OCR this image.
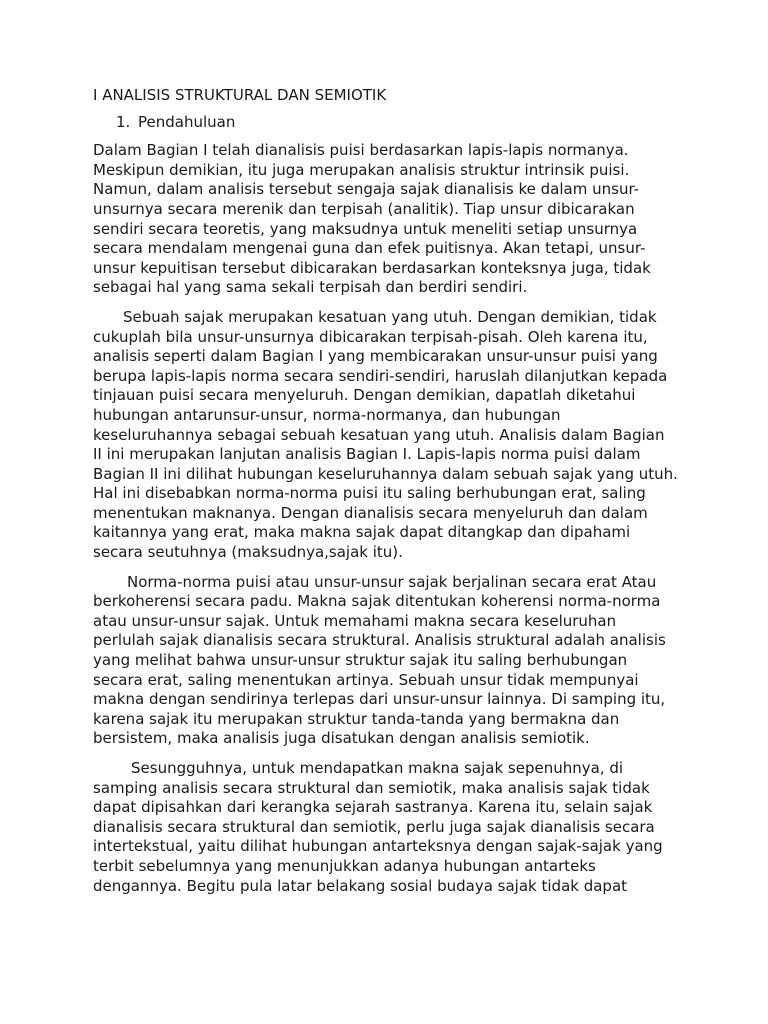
I ANALISIS STRUKTURAL DAN SEMIOTIK
1. Pendahuluan

Dalam Bagian I telah dianalisis puisi berdasarkan lapis-lapis normanya. Meskipun demikian, itu juga merupakan analisis struktur intrinsik puisi. Namun, dalam analisis tersebut sengaja sajak dianalisis ke dalam unsur-unsurnya secara merenik dan terpisah (analitik). Tiap unsur dibicarakan sendiri secara teoretis, yang maksudnya untuk meneliti setiap unsurnya secara mendalam mengenai guna dan efek puitisnya. Akan tetapi, unsur-unsur kepuitisan tersebut dibicarakan berdasarkan konteksnya juga, tidak sebagai hal yang sama sekali terpisah dan berdiri sendiri.

Sebuah sajak merupakan kesatuan yang utuh. Dengan demikian, tidak cukuplah bila unsur-unsurnya dibicarakan terpisah-pisah. Oleh karena itu, analisis seperti dalam Bagian I yang membicarakan unsur-unsur puisi yang berupa lapis-lapis norma secara sendiri-sendiri, haruslah dilanjutkan kepada tinjauan puisi secara menyeluruh. Dengan demikian, dapatlah diketahui hubungan antarunsur-unsur, norma-normanya, dan hubungan keseluruhannya sebagai sebuah kesatuan yang utuh. Analisis dalam Bagian II ini merupakan lanjutan analisis Bagian I. Lapis-lapis norma puisi dalam Bagian II ini dilihat hubungan keseluruhannya dalam sebuah sajak yang utuh. Hal ini disebabkan norma-norma puisi itu saling berhubungan erat, saling menentukan maknanya. Dengan dianalisis secara menyeluruh dan dalam kaitannya yang erat, maka makna sajak dapat ditangkap dan dipahami secara seutuhnya (maksudnya,sajak itu).

Norma-norma puisi atau unsur-unsur sajak berjalinan secara erat Atau berkoherensi secara padu. Makna sajak ditentukan koherensi norma-norma atau unsur-unsur sajak. Untuk memahami makna secara keseluruhan perlulah sajak dianalisis secara struktural. Analisis struktural adalah analisis yang melihat bahwa unsur-unsur struktur sajak itu saling berhubungan secara erat, saling menentukan artinya. Sebuah unsur tidak mempunyai makna dengan sendirinya terlepas dari unsur-unsur lainnya. Di samping itu, karena sajak itu merupakan struktur tanda-tanda yang bermakna dan bersistem, maka analisis juga disatukan dengan analisis semiotik.

Sesungguhnya, untuk mendapatkan makna sajak sepenuhnya, di samping analisis secara struktural dan semiotik, maka analisis sajak tidak dapat dipisahkan dari kerangka sejarah sastranya. Karena itu, selain sajak dianalisis secara struktural dan semiotik, perlu juga sajak dianalisis secara intertekstual, yaitu dilihat hubungan antarteksnya dengan sajak-sajak yang terbit sebelumnya yang menunjukkan adanya hubungan antarteks dengannya. Begitu pula latar belakang sosial budaya sajak tidak dapat
